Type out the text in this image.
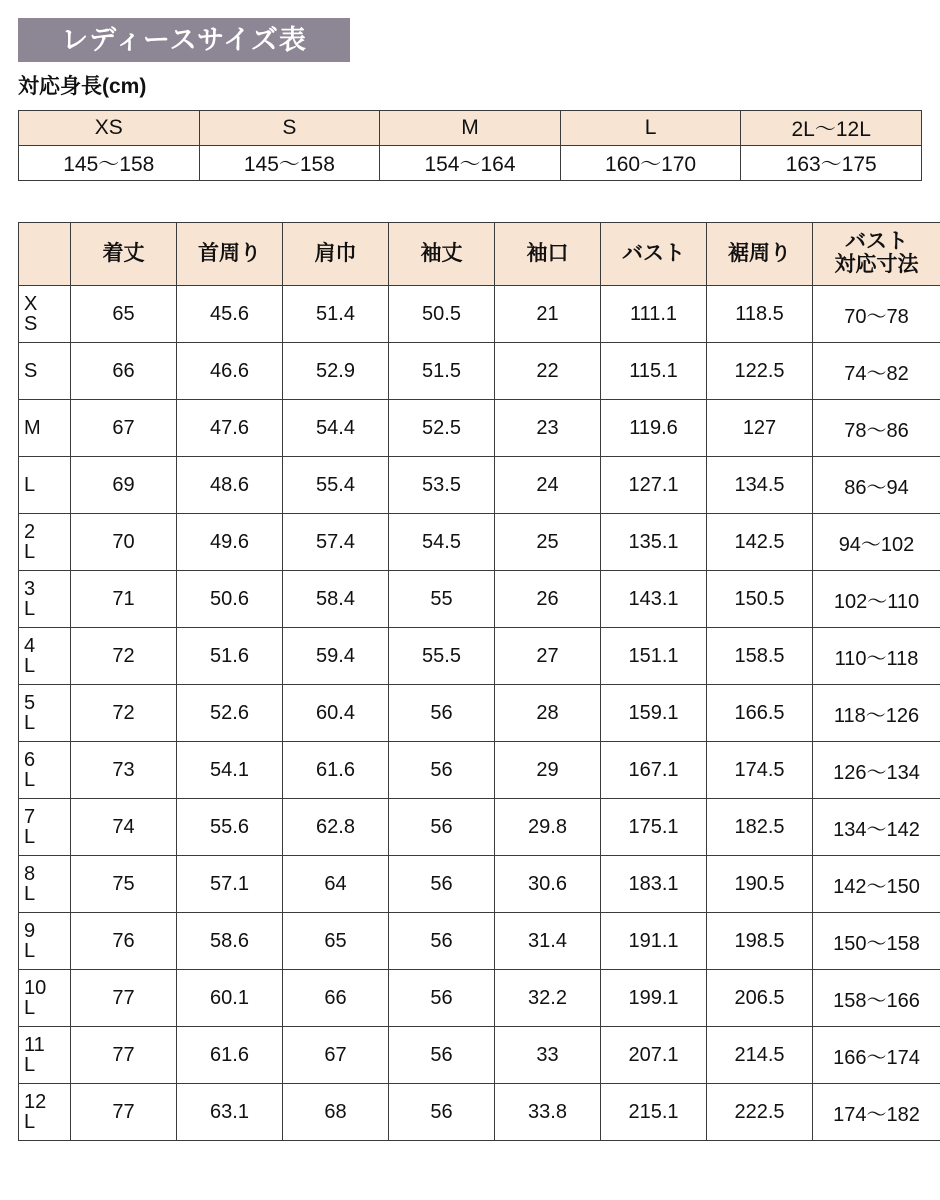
レディースサイズ表
対応身長(cm)
XS	S	M	L	2L〜12L
145〜158	145〜158	154〜164	160〜170	163〜175
	着丈	首周り	肩巾	袖丈	袖口	バスト	裾周り	バスト
対応寸法

X
S	65	45.6	51.4	50.5	21	111.1	118.5	70〜78

S	66	46.6	52.9	51.5	22	115.1	122.5	74〜82

M	67	47.6	54.4	52.5	23	119.6	127	78〜86

L	69	48.6	55.4	53.5	24	127.1	134.5	86〜94

2
L	70	49.6	57.4	54.5	25	135.1	142.5	94〜102

3
L	71	50.6	58.4	55	26	143.1	150.5	102〜110

4
L	72	51.6	59.4	55.5	27	151.1	158.5	110〜118

5
L	72	52.6	60.4	56	28	159.1	166.5	118〜126

6
L	73	54.1	61.6	56	29	167.1	174.5	126〜134

7
L	74	55.6	62.8	56	29.8	175.1	182.5	134〜142

8
L	75	57.1	64	56	30.6	183.1	190.5	142〜150

9
L	76	58.6	65	56	31.4	191.1	198.5	150〜158

10
L	77	60.1	66	56	32.2	199.1	206.5	158〜166

11
L	77	61.6	67	56	33	207.1	214.5	166〜174

12
L	77	63.1	68	56	33.8	215.1	222.5	174〜182
